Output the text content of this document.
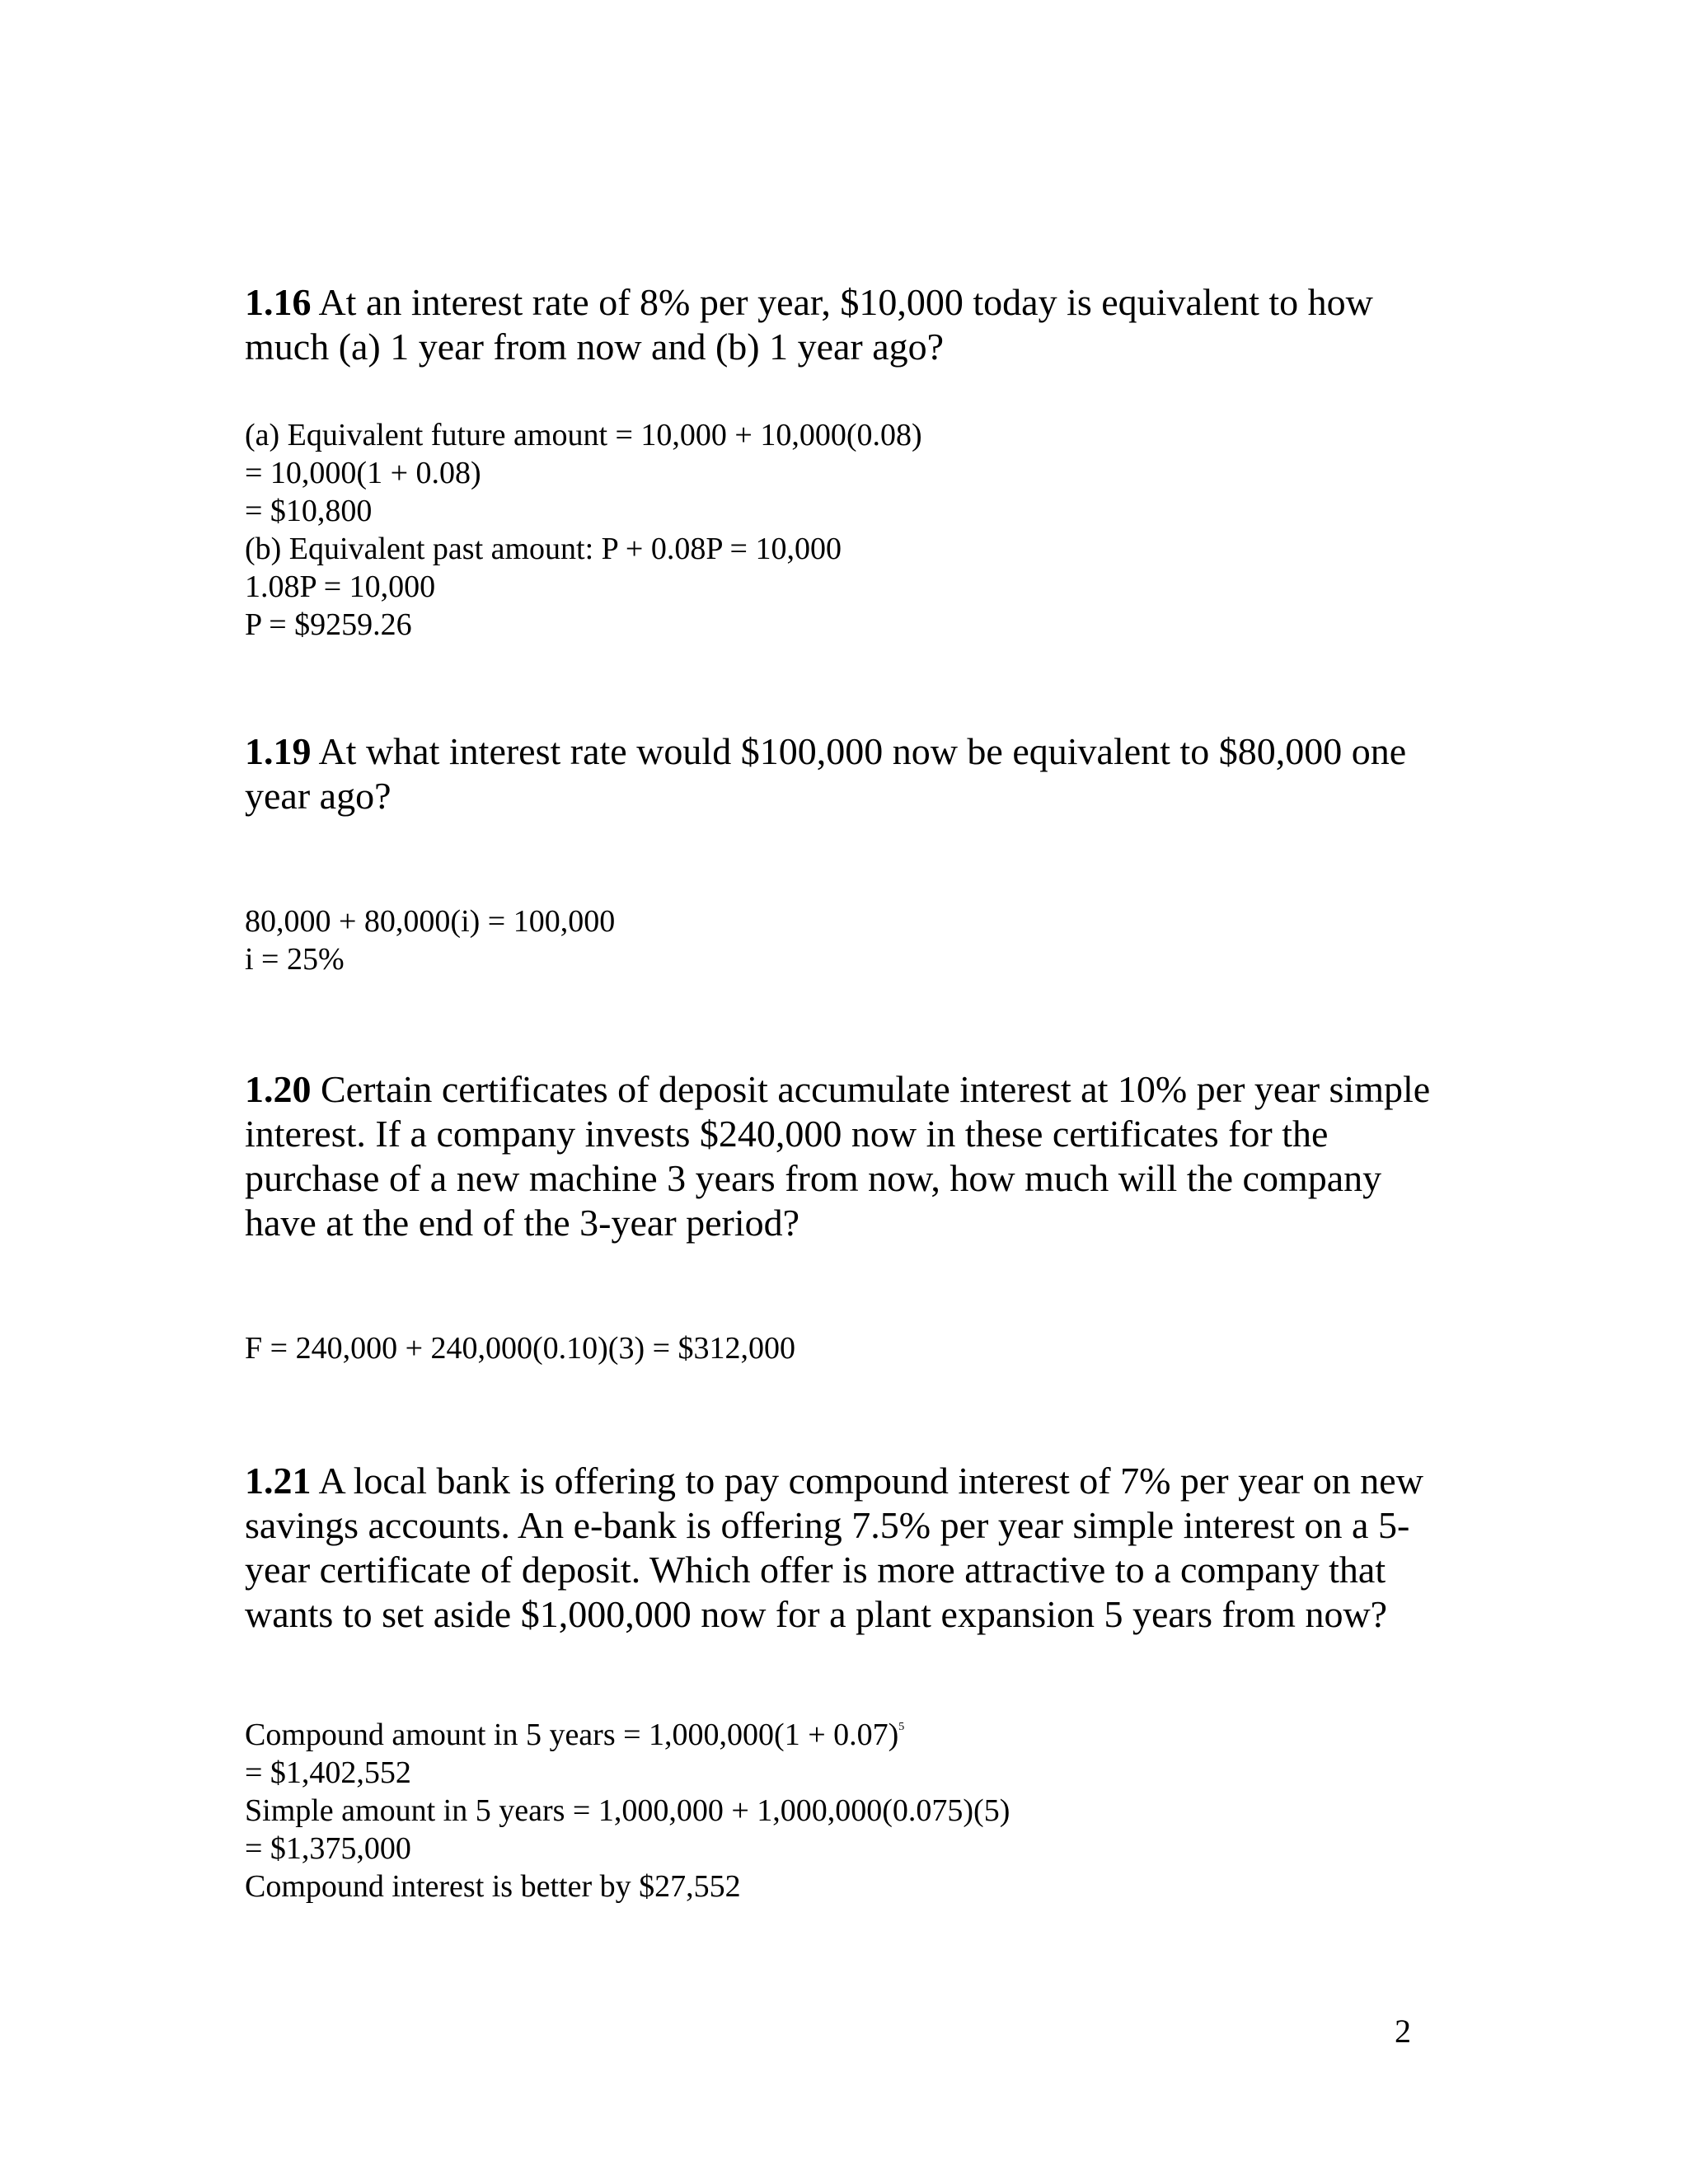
1.16 At an interest rate of 8% per year, $10,000 today is equivalent to how much (a) 1 year from now and (b) 1 year ago?

(a) Equivalent future amount = 10,000 + 10,000(0.08)
= 10,000(1 + 0.08)
= $10,800
(b) Equivalent past amount: P + 0.08P = 10,000
1.08P = 10,000
P = $9259.26

1.19 At what interest rate would $100,000 now be equivalent to $80,000 one year ago?

80,000 + 80,000(i) = 100,000
i = 25%

1.20 Certain certificates of deposit accumulate interest at 10% per year simple interest. If a company invests $240,000 now in these certificates for the purchase of a new machine 3 years from now, how much will the company have at the end of the 3-year period?

F = 240,000 + 240,000(0.10)(3) = $312,000

1.21 A local bank is offering to pay compound interest of 7% per year on new savings accounts. An e-bank is offering 7.5% per year simple interest on a 5-year certificate of deposit. Which offer is more attractive to a company that wants to set aside $1,000,000 now for a plant expansion 5 years from now?

Compound amount in 5 years = $1,000,000(1 + 0.07)^5$
= $1,402,552
Simple amount in 5 years = 1,000,000 + 1,000,000(0.075)(5)
= $1,375,000
Compound interest is better by $27,552
2
